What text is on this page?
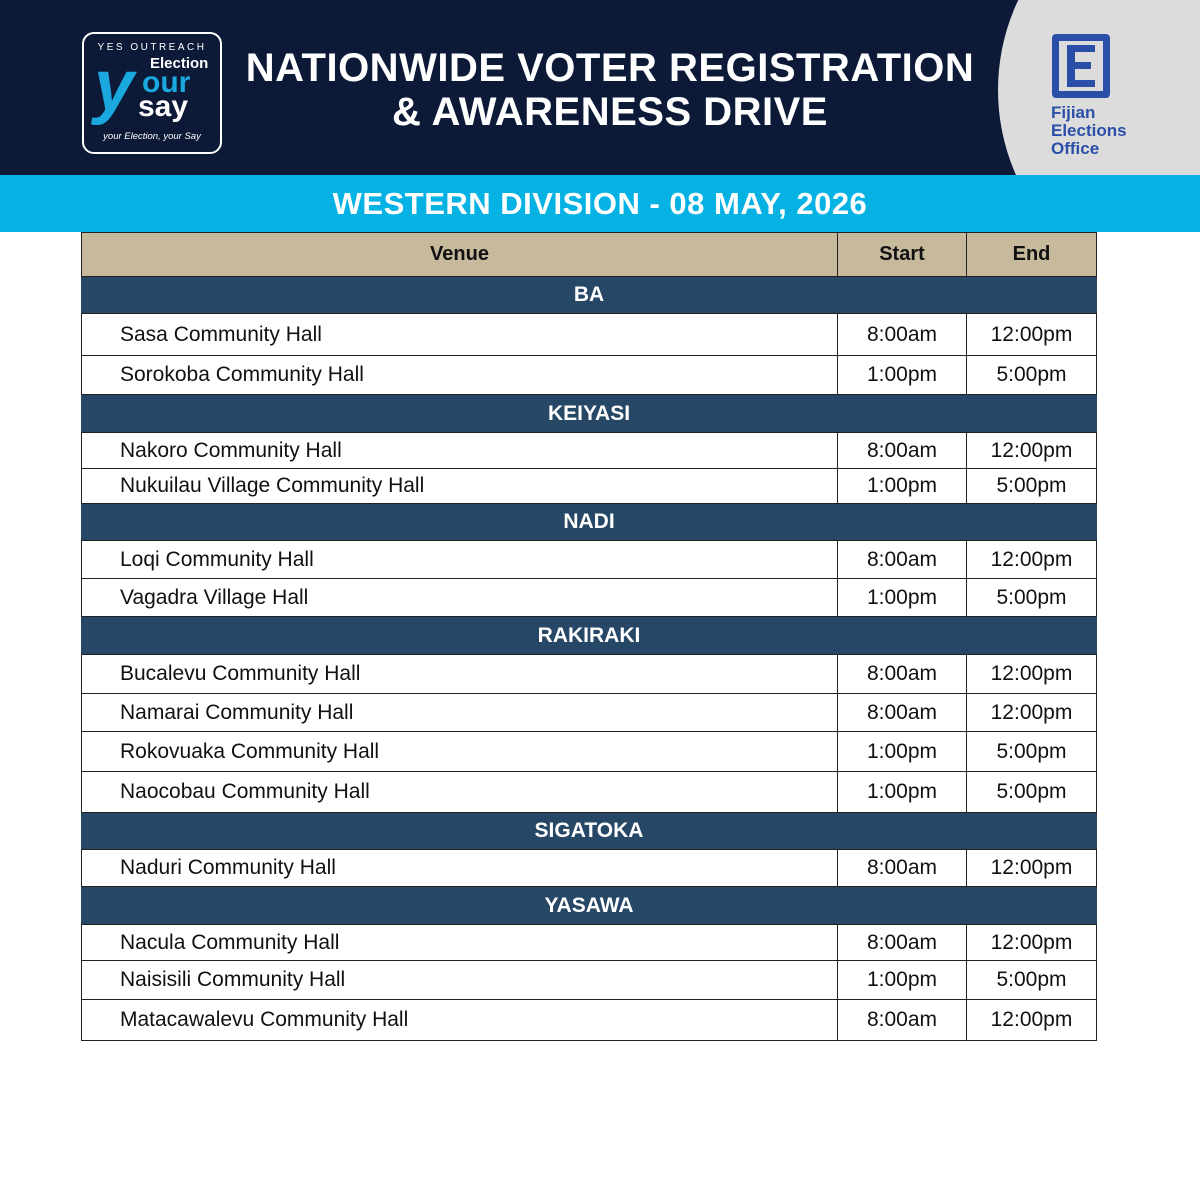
YES OUTREACH
y Election
our
say
your Election, your Say
NATIONWIDE VOTER REGISTRATION
& AWARENESS DRIVE	Fijian
Elections
Office
WESTERN DIVISION - 08 MAY, 2026
Venue	Start	End
BA		
Sasa Community Hall	8:00am	12:00pm
Sorokoba Community Hall	1:00pm	5:00pm
KEIYASI		
Nakoro Community Hall	8:00am	12:00pm
Nukuilau Village Community Hall	1:00pm	5:00pm
NADI		
Loqi Community Hall	8:00am	12:00pm
Vagadra Village Hall	1:00pm	5:00pm
RAKIRAKI		
Bucalevu Community Hall	8:00am	12:00pm
Namarai Community Hall	8:00am	12:00pm
Rokovuaka Community Hall	1:00pm	5:00pm
Naocobau Community Hall	1:00pm	5:00pm
SIGATOKA		
Naduri Community Hall	8:00am	12:00pm
YASAWA		
Nacula Community Hall	8:00am	12:00pm
Naisisili Community Hall	1:00pm	5:00pm
Matacawalevu Community Hall	8:00am	12:00pm
